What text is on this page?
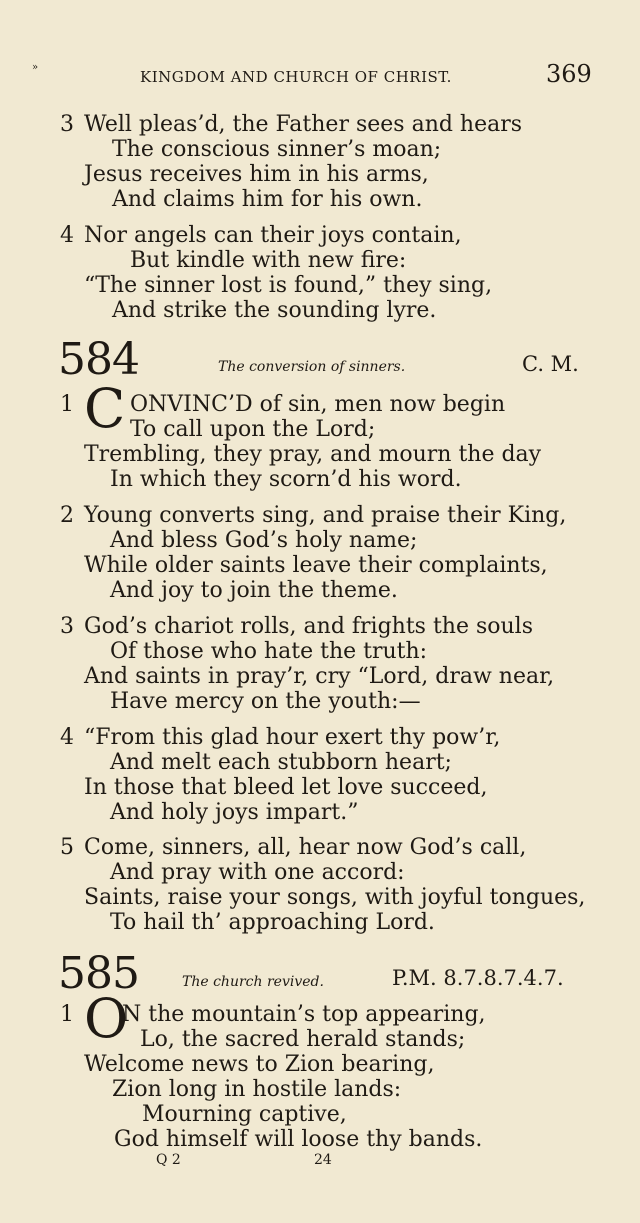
»
KINGDOM AND CHURCH OF CHRIST.	369
3 Well pleas’d, the Father sees and hears
The conscious sinner’s moan;
Jesus receives him in his arms,
And claims him for his own.
4 Nor angels can their joys contain,
But kindle with new fire:
“The sinner lost is found,” they sing,
And strike the sounding lyre.
584	The conversion of sinners.	C. M.
1 C ONVINC’D of sin, men now begin
To call upon the Lord;
Trembling, they pray, and mourn the day
In which they scorn’d his word.
2 Young converts sing, and praise their King,
And bless God’s holy name;
While older saints leave their complaints,
And joy to join the theme.
3 God’s chariot rolls, and frights the souls
Of those who hate the truth:
And saints in pray’r, cry “Lord, draw near,
Have mercy on the youth:—
4 “From this glad hour exert thy pow’r,
And melt each stubborn heart;
In those that bleed let love succeed,
And holy joys impart.”
5 Come, sinners, all, hear now God’s call,
And pray with one accord:
Saints, raise your songs, with joyful tongues,
To hail th’ approaching Lord.
585	The church revived.	P.M. 8.7.8.7.4.7.
1 O
N the mountain’s top appearing,
Lo, the sacred herald stands;
Welcome news to Zion bearing,
Zion long in hostile lands:
Mourning captive,
God himself will loose thy bands.
Q 2	24
